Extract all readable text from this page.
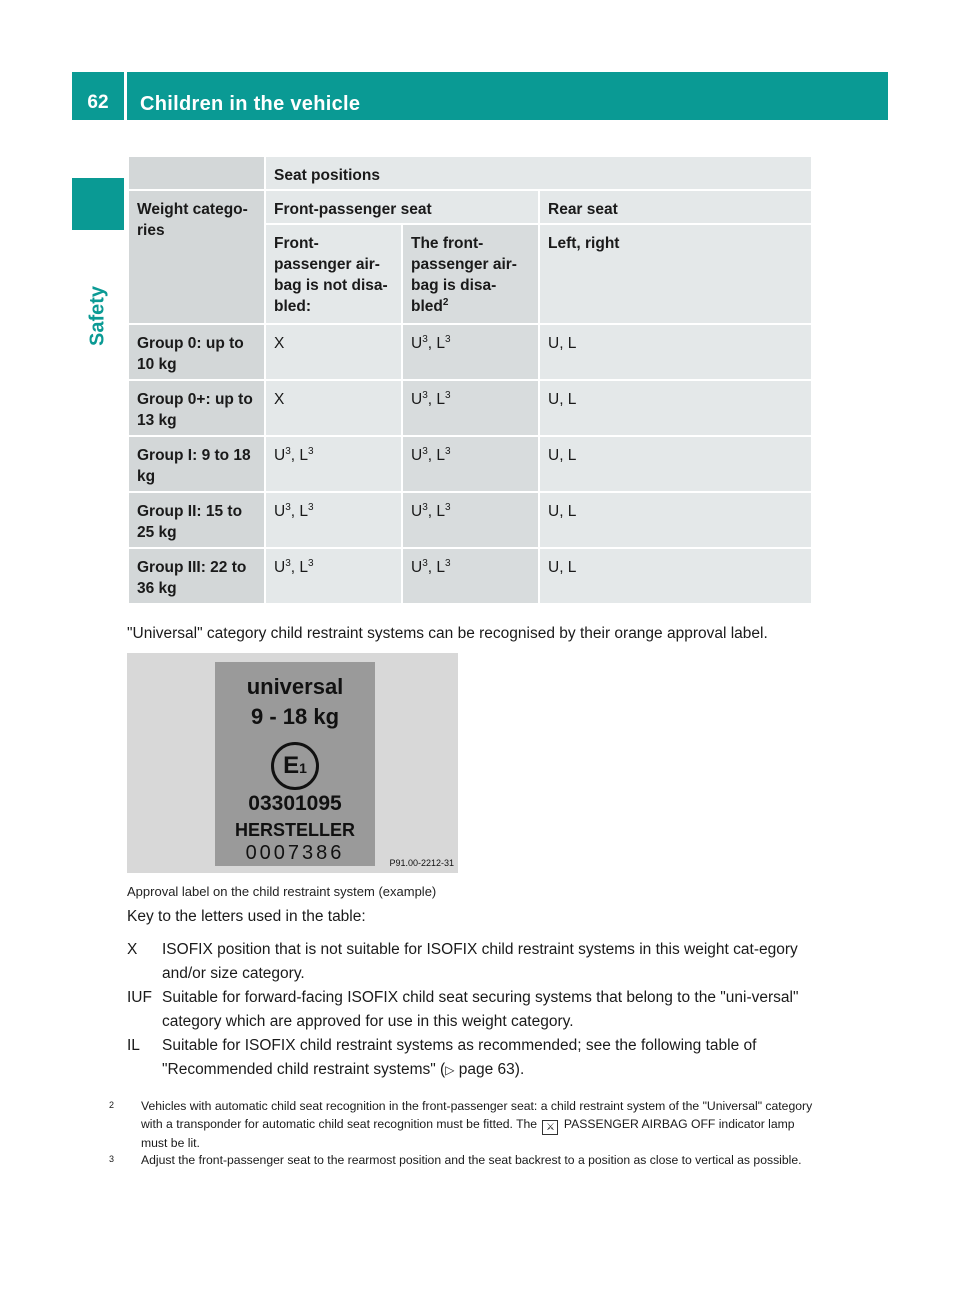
62	Children in the vehicle
Safety
	Seat positions		
Weight catego-ries	Front-passenger seat		Rear seat
	Front-passenger air-bag is not disa-bled:	The front-passenger air-bag is disa-bled$^2$	Left, right
Group 0: up to 10 kg	X	$U^3$, $L^3$	U, L
Group 0+: up to 13 kg	X	$U^3$, $L^3$	U, L
Group I: 9 to 18 kg	$U^3$, $L^3$	$U^3$, $L^3$	U, L
Group II: 15 to 25 kg	$U^3$, $L^3$	$U^3$, $L^3$	U, L
Group III: 22 to 36 kg	$U^3$, $L^3$	$U^3$, $L^3$	U, L
"Universal" category child restraint systems can be recognised by their orange approval label.
universal
9 - 18 kg
E1
03301095
HERSTELLER
0007386	P91.00-2212-31
Approval label on the child restraint system (example)
Key to the letters used in the table:
X	ISOFIX position that is not suitable for ISOFIX child restraint systems in this weight cat-egory and/or size category.
IUF Suitable for forward-facing ISOFIX child seat securing systems that belong to the "uni-versal" category which are approved for use in this weight category.
IL	Suitable for ISOFIX child restraint systems as recommended; see the following table of "Recommended child restraint systems" (▷ page 63).
2	Vehicles with automatic child seat recognition in the front-passenger seat: a child restraint system of the "Universal" category with a transponder for automatic child seat recognition must be fitted. The ⚔ PASSENGER AIRBAG OFF indicator lamp must be lit.
3	Adjust the front-passenger seat to the rearmost position and the seat backrest to a position as close to vertical as possible.
